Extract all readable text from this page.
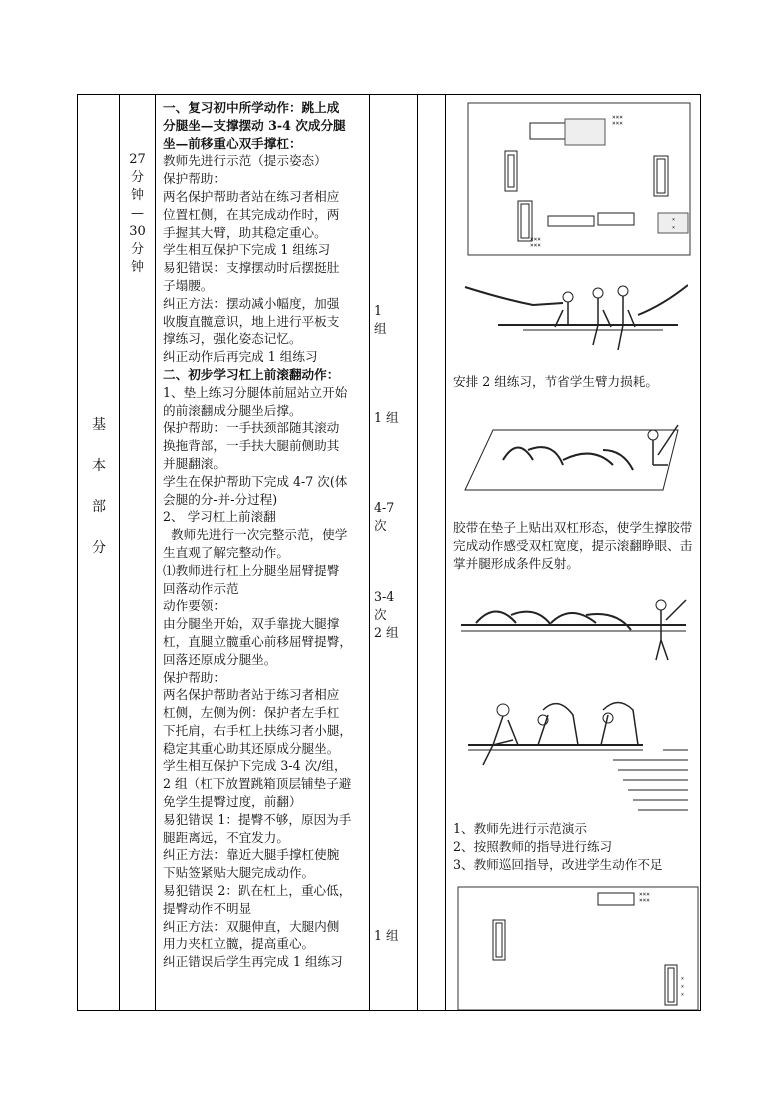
基
本
部
分
27
分
钟
—
30
分
钟
一、复习初中所学动作：跳上成
分腿坐—支撑摆动 3-4 次成分腿
坐—前移重心双手撑杠：
教师先进行示范（提示姿态）
保护帮助：
两名保护帮助者站在练习者相应
位置杠侧，在其完成动作时，两
手握其大臂，助其稳定重心。
学生相互保护下完成 1 组练习
易犯错误：支撑摆动时后摆挺肚
子塌腰。
纠正方法：摆动减小幅度，加强
收腹直髋意识，地上进行平板支
撑练习，强化姿态记忆。
纠正动作后再完成 1 组练习
二、初步学习杠上前滚翻动作：
1、垫上练习分腿体前屈站立开始
的前滚翻成分腿坐后撑。
保护帮助：一手扶颈部随其滚动
换拖背部，一手扶大腿前侧助其
并腿翻滚。
学生在保护帮助下完成 4-7 次(体
会腿的分-并-分过程)
2、 学习杠上前滚翻
教师先进行一次完整示范，使学
生直观了解完整动作。
⑴教师进行杠上分腿坐屈臂提臀
回落动作示范
动作要领：
由分腿坐开始，双手靠拢大腿撑
杠，直腿立髋重心前移屈臂提臀，
回落还原成分腿坐。
保护帮助：
两名保护帮助者站于练习者相应
杠侧，左侧为例：保护者左手杠
下托肩，右手杠上扶练习者小腿，
稳定其重心助其还原成分腿坐。
学生相互保护下完成 3-4 次/组，
2 组（杠下放置跳箱顶层铺垫子避
免学生提臀过度，前翻）
易犯错误 1：提臀不够，原因为手
腿距离远，不宜发力。
纠正方法：靠近大腿手撑杠使腕
下贴签紧贴大腿完成动作。
易犯错误 2：趴在杠上，重心低，
提臀动作不明显
纠正方法：双腿伸直，大腿内侧
用力夹杠立髋，提高重心。
纠正错误后学生再完成 1 组练习
1
组
1 组
4-7
次
3-4
次
2 组
1 组
安排 2 组练习，节省学生臂力损耗。
胶带在垫子上贴出双杠形态，使学生撑胶带完成动作感受双杠宽度，提示滚翻睁眼、击掌并腿形成条件反射。
1、教师先进行示范演示
2、按照教师的指导进行练习
3、教师巡回指导，改进学生动作不足
×××
×××
×××
×××
×
×
×××
×××
×
×
×
